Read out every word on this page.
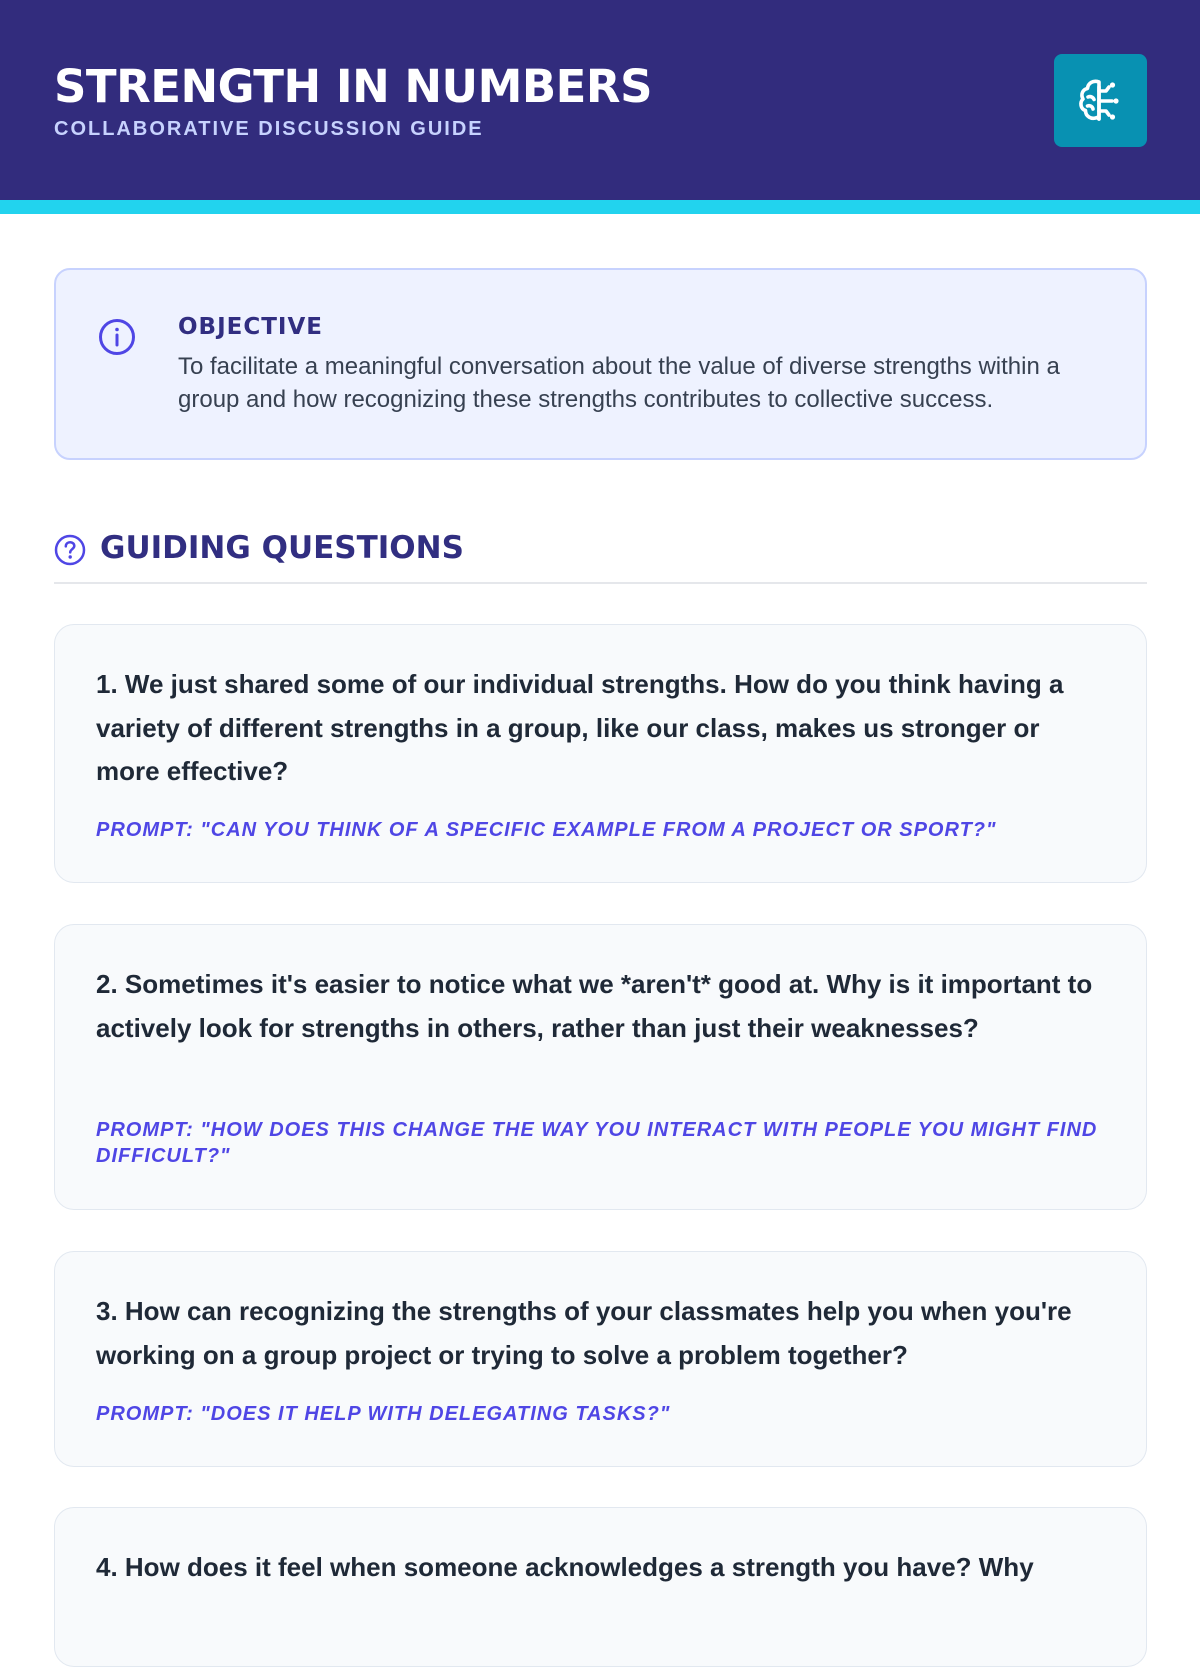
STRENGTH IN NUMBERS
COLLABORATIVE DISCUSSION GUIDE
OBJECTIVE
To facilitate a meaningful conversation about the value of diverse strengths within a group and how recognizing these strengths contributes to collective success.
GUIDING QUESTIONS

1. We just shared some of our individual strengths. How do you think having a variety of different strengths in a group, like our class, makes us stronger or more effective?

PROMPT: "CAN YOU THINK OF A SPECIFIC EXAMPLE FROM A PROJECT OR SPORT?"

2. Sometimes it's easier to notice what we *aren't* good at. Why is it important to actively look for strengths in others, rather than just their weaknesses?

PROMPT: "HOW DOES THIS CHANGE THE WAY YOU INTERACT WITH PEOPLE YOU MIGHT FIND DIFFICULT?"

3. How can recognizing the strengths of your classmates help you when you're working on a group project or trying to solve a problem together?

PROMPT: "DOES IT HELP WITH DELEGATING TASKS?"

4. How does it feel when someone acknowledges a strength you have? Why
